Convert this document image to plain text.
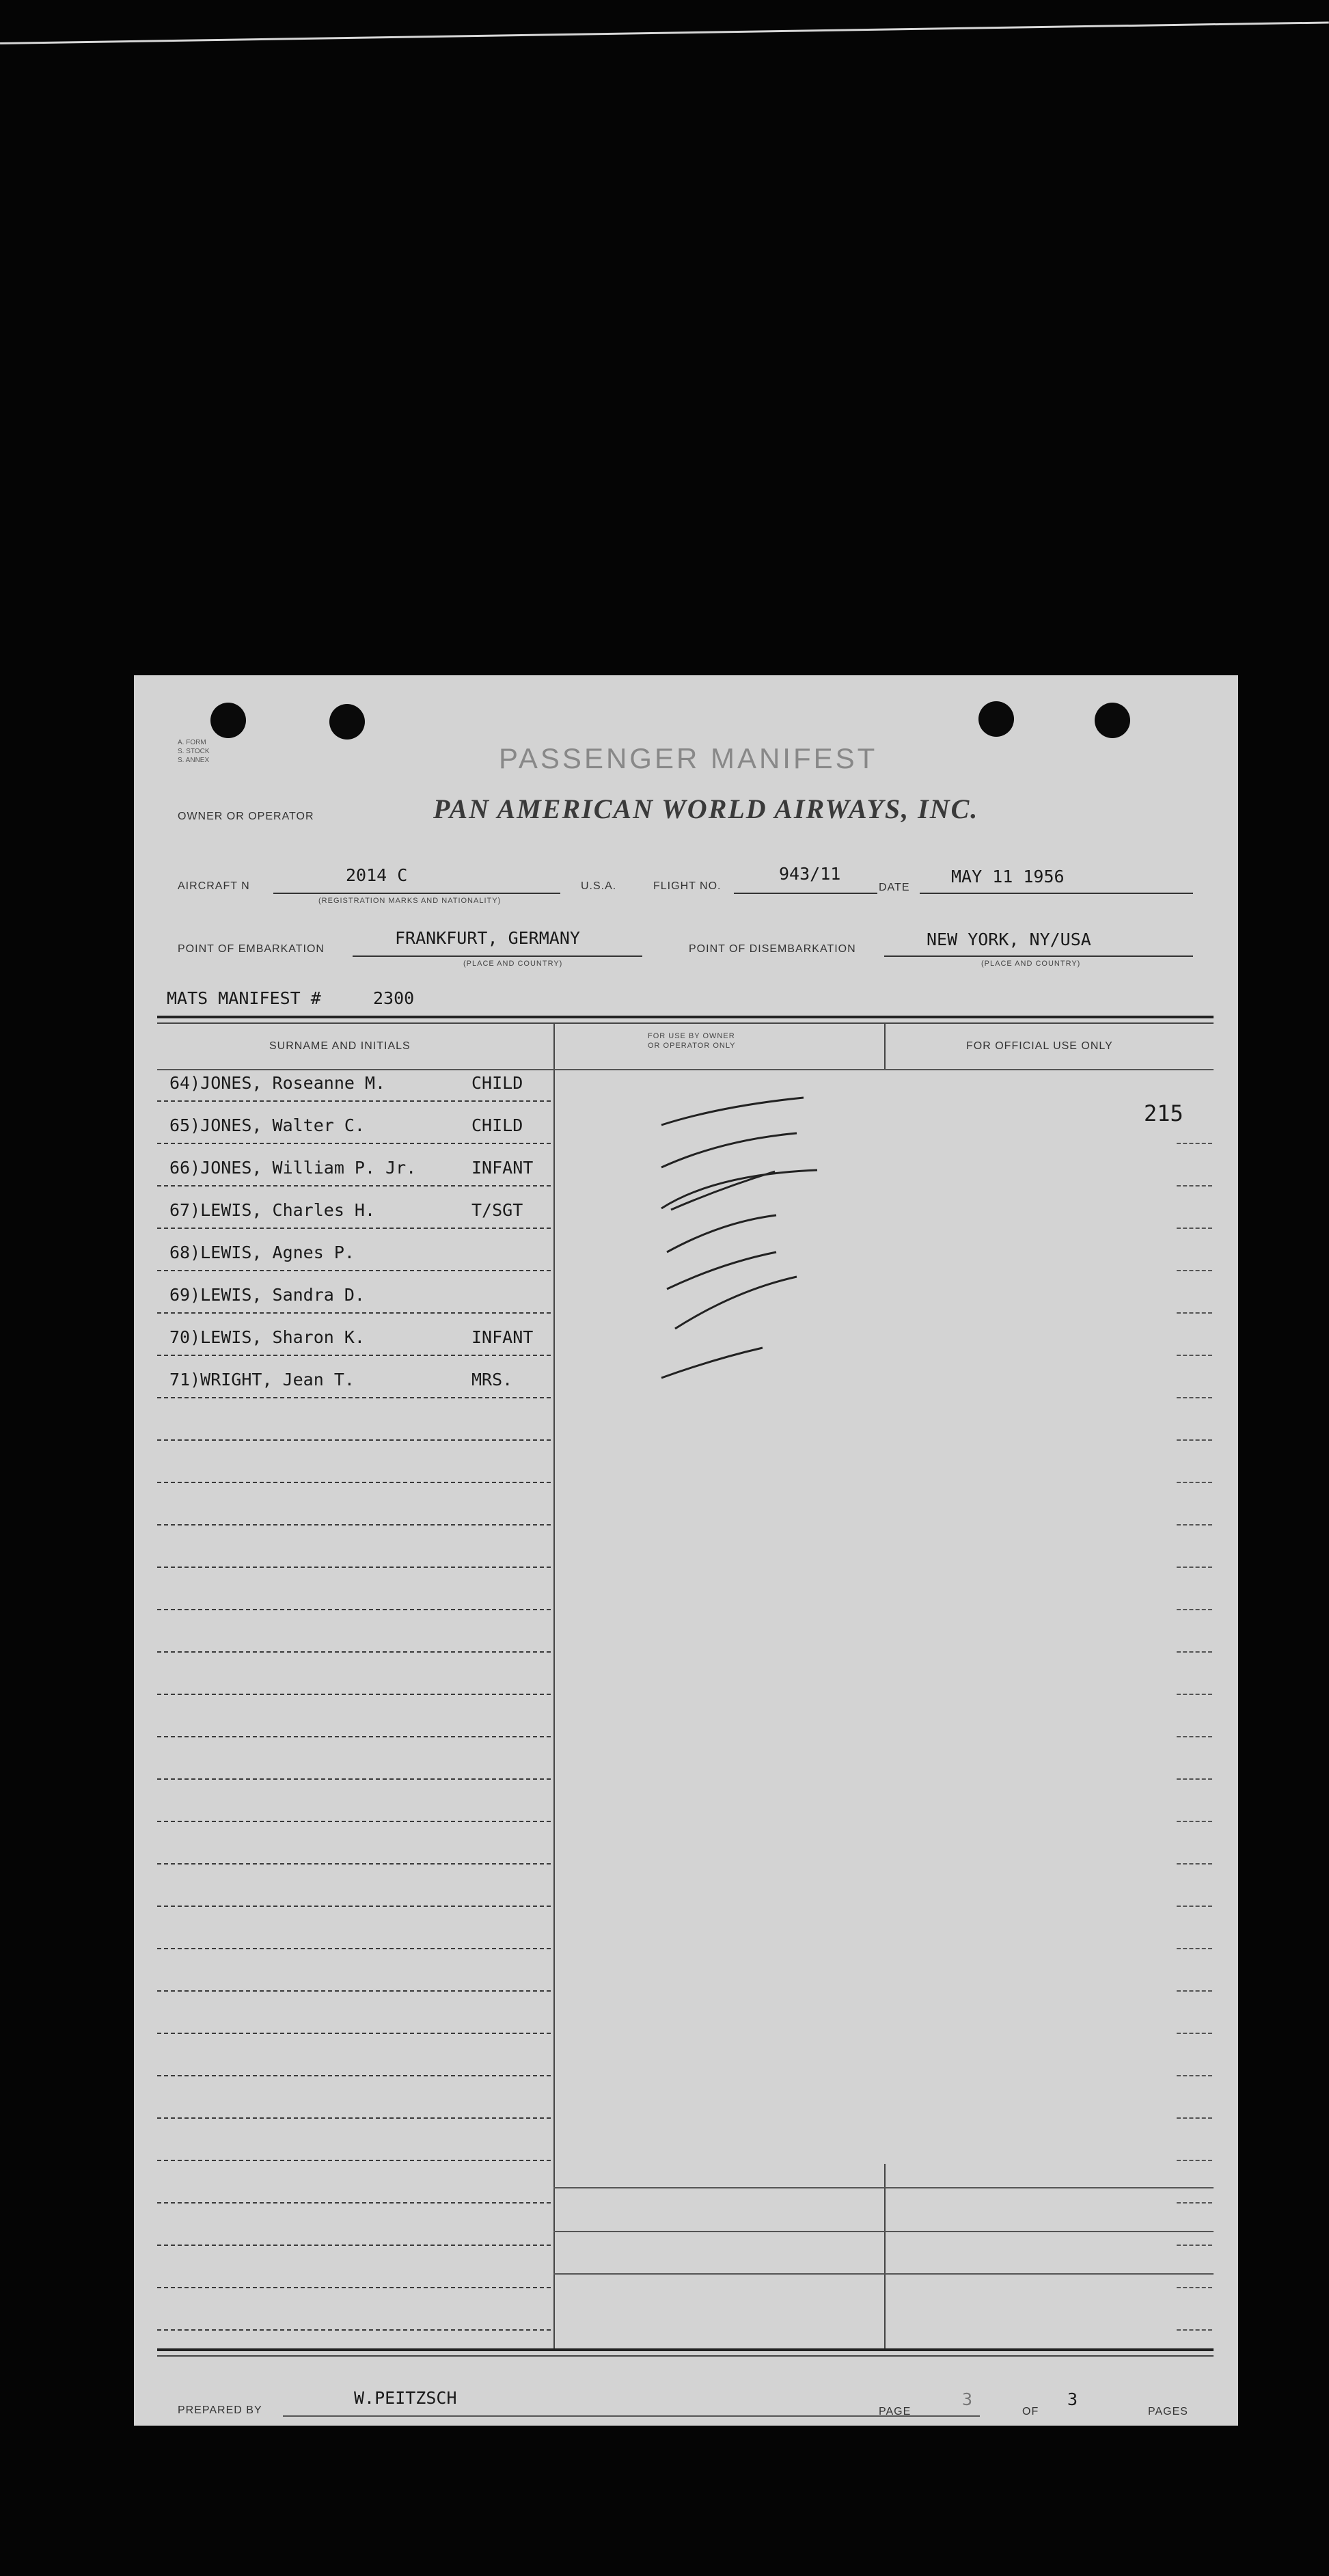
A. FORM
S. STOCK
S. ANNEX	PASSENGER MANIFEST
OWNER OR OPERATOR	PAN AMERICAN WORLD AIRWAYS, INC.
AIRCRAFT N
2014 C
(REGISTRATION MARKS AND NATIONALITY)
U.S.A.	FLIGHT NO.
943/11
DATE
MAY 11 1956
POINT OF EMBARKATION
FRANKFURT, GERMANY
(PLACE AND COUNTRY)
POINT OF DISEMBARKATION	NEW YORK, NY/USA
(PLACE AND COUNTRY)
MATS MANIFEST #	2300
SURNAME AND INITIALS
FOR USE BY OWNER
OR OPERATOR ONLY	FOR OFFICIAL USE ONLY
215
64)JONES, Roseanne M.	CHILD
65)JONES, Walter C.	CHILD
66)JONES, William P. Jr.	INFANT
67)LEWIS, Charles H.	T/SGT
68)LEWIS, Agnes P.
69)LEWIS, Sandra D.
70)LEWIS, Sharon K.	INFANT
71)WRIGHT, Jean T.	MRS.
PREPARED BY
W.PEITZSCH
PAGE
3
OF
3
PAGES
